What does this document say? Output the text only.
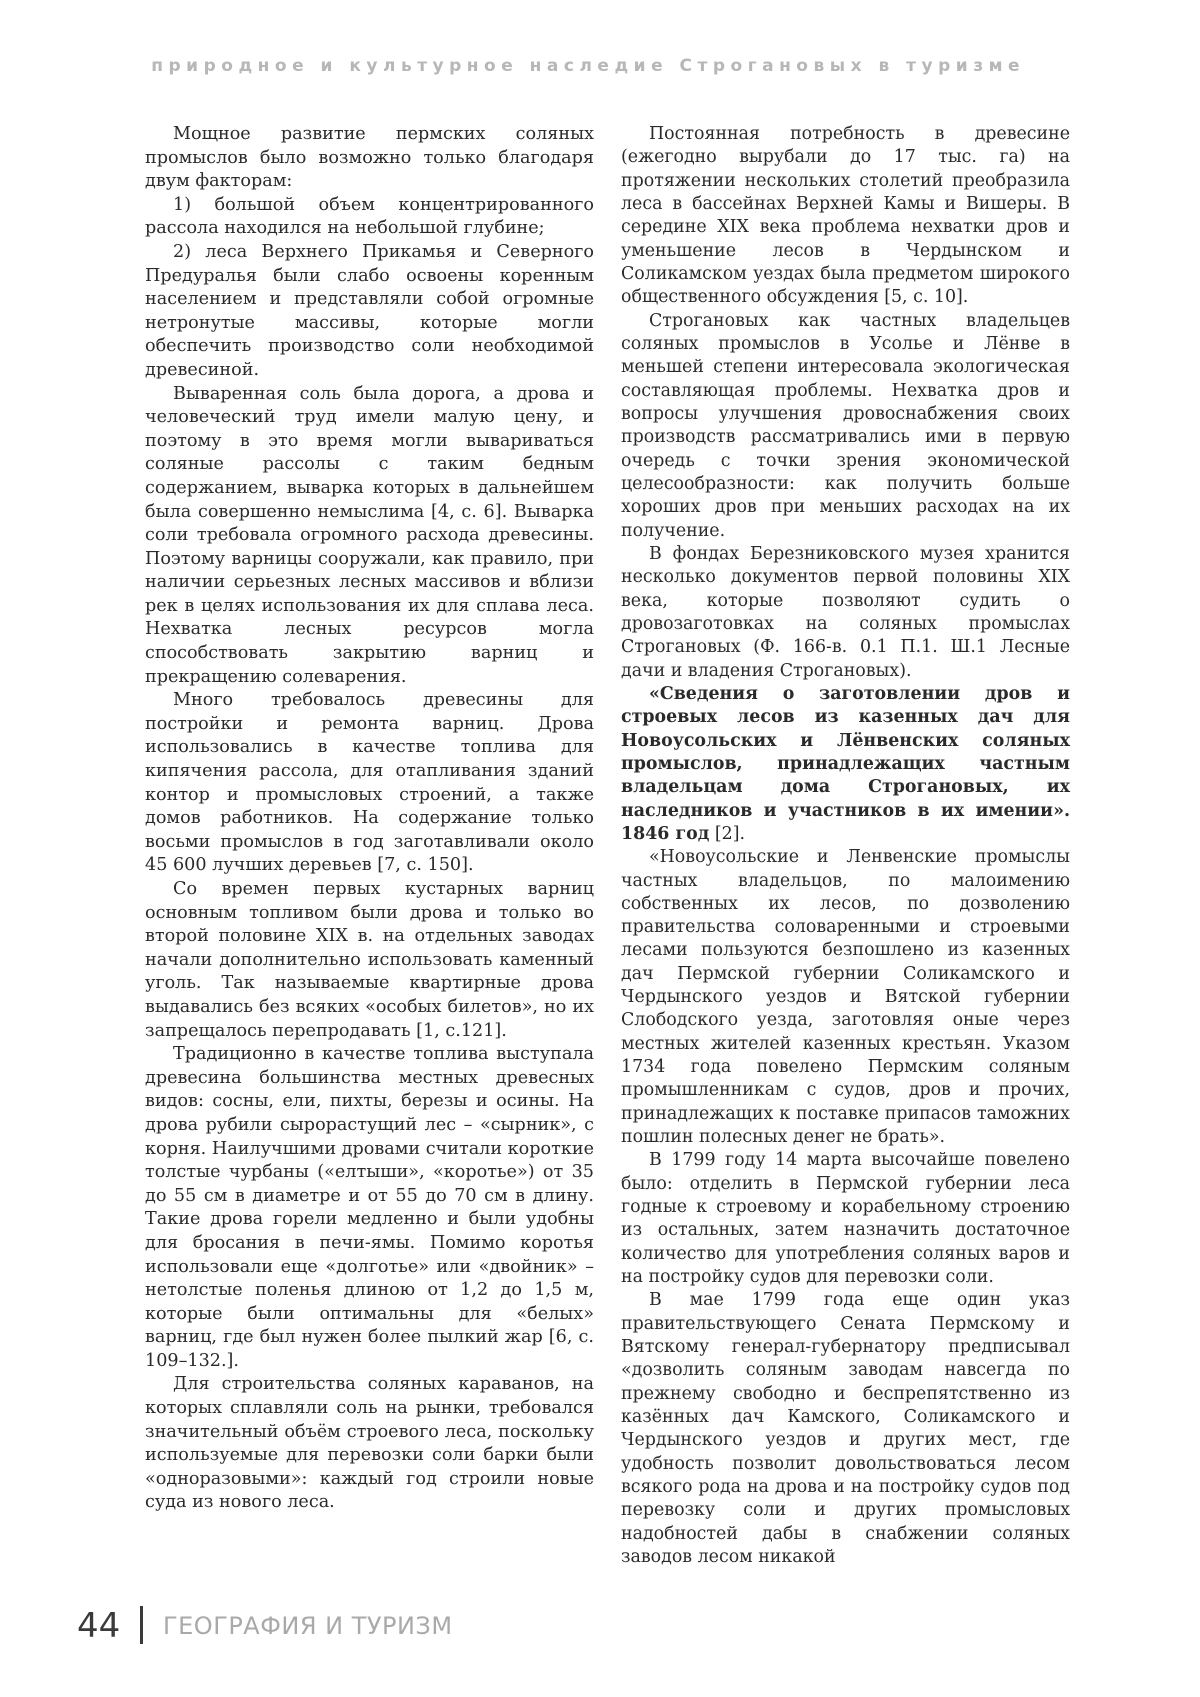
природное и культурное наследие Строгановых в туризме

Мощное развитие пермских соляных промыслов было возможно только благодаря двум факторам:

1) большой объем концентрированного рассола находился на небольшой глубине;

2) леса Верхнего Прикамья и Северного Предуралья были слабо освоены коренным населением и представляли собой огромные нетронутые массивы, которые могли обеспечить производство соли необходимой древесиной.

Вываренная соль была дорога, а дрова и человеческий труд имели малую цену, и поэтому в это время могли вывариваться соляные рассолы с таким бедным содержанием, выварка которых в дальнейшем была совершенно немыслима [4, с. 6]. Выварка соли требовала огромного расхода древесины. Поэтому варницы сооружали, как правило, при наличии серьезных лесных массивов и вблизи рек в целях использования их для сплава леса. Нехватка лесных ресурсов могла способствовать закрытию варниц и прекращению солеварения.

Много требовалось древесины для постройки и ремонта варниц. Дрова использовались в качестве топлива для кипячения рассола, для отапливания зданий контор и промысловых строений, а также домов работников. На содержание только восьми промыслов в год заготавливали около 45 600 лучших деревьев [7, с. 150].

Со времен первых кустарных варниц основным топливом были дрова и только во второй половине XIX в. на отдельных заводах начали дополнительно использовать каменный уголь. Так называемые квартирные дрова выдавались без всяких «особых билетов», но их запрещалось перепродавать [1, с.121].

Традиционно в качестве топлива выступала древесина большинства местных древесных видов: сосны, ели, пихты, березы и осины. На дрова рубили сырорастущий лес – «сырник», с корня. Наилучшими дровами считали короткие толстые чурбаны («елтыши», «коротье») от 35 до 55 см в диаметре и от 55 до 70 см в длину. Такие дрова горели медленно и были удобны для бросания в печи-ямы. Помимо коротья использовали еще «долготье» или «двойник» – нетолстые поленья длиною от 1,2 до 1,5 м, которые были оптимальны для «белых» варниц, где был нужен более пылкий жар [6, с. 109–132.].

Для строительства соляных караванов, на которых сплавляли соль на рынки, требовался значительный объём строевого леса, поскольку используемые для перевозки соли барки были «одноразовыми»: каждый год строили новые суда из нового леса.

Постоянная потребность в древесине (ежегодно вырубали до 17 тыс. га) на протяжении нескольких столетий преобразила леса в бассейнах Верхней Камы и Вишеры. В середине XIX века проблема нехватки дров и уменьшение лесов в Чердынском и Соликамском уездах была предметом широкого общественного обсуждения [5, с. 10].

Строгановых как частных владельцев соляных промыслов в Усолье и Лёнве в меньшей степени интересовала экологическая составляющая проблемы. Нехватка дров и вопросы улучшения дровоснабжения своих производств рассматривались ими в первую очередь с точки зрения экономической целесообразности: как получить больше хороших дров при меньших расходах на их получение.

В фондах Березниковского музея хранится несколько документов первой половины XIX века, которые позволяют судить о дровозаготовках на соляных промыслах Строгановых (Ф. 166-в. 0.1 П.1. Ш.1 Лесные дачи и владения Строгановых).

«Сведения о заготовлении дров и строевых лесов из казенных дач для Новоусольских и Лёнвенских соляных промыслов, принадлежащих частным владельцам дома Строгановых, их наследников и участников в их имении». 1846 год [2].

«Новоусольские и Ленвенские промыслы частных владельцов, по малоимению собственных их лесов, по дозволению правительства соловаренными и строевыми лесами пользуются безпошлено из казенных дач Пермской губернии Соликамского и Чердынского уездов и Вятской губернии Слободского уезда, заготовляя оные через местных жителей казенных крестьян. Указом 1734 года повелено Пермским соляным промышленникам с судов, дров и прочих, принадлежащих к поставке припасов таможних пошлин полесных денег не брать».

В 1799 году 14 марта высочайше повелено было: отделить в Пермской губернии леса годные к строевому и корабельному строению из остальных, затем назначить достаточное количество для употребления соляных варов и на постройку судов для перевозки соли.

В мае 1799 года еще один указ правительствующего Сената Пермскому и Вятскому генерал-губернатору предписывал «дозволить соляным заводам навсегда по прежнему свободно и беспрепятственно из казённых дач Камского, Соликамского и Чердынского уездов и других мест, где удобность позволит довольствоваться лесом всякого рода на дрова и на постройку судов под перевозку соли и других промысловых надобностей дабы в снабжении соляных заводов лесом никакой

44 ГЕОГРАФИЯ И ТУРИЗМ
